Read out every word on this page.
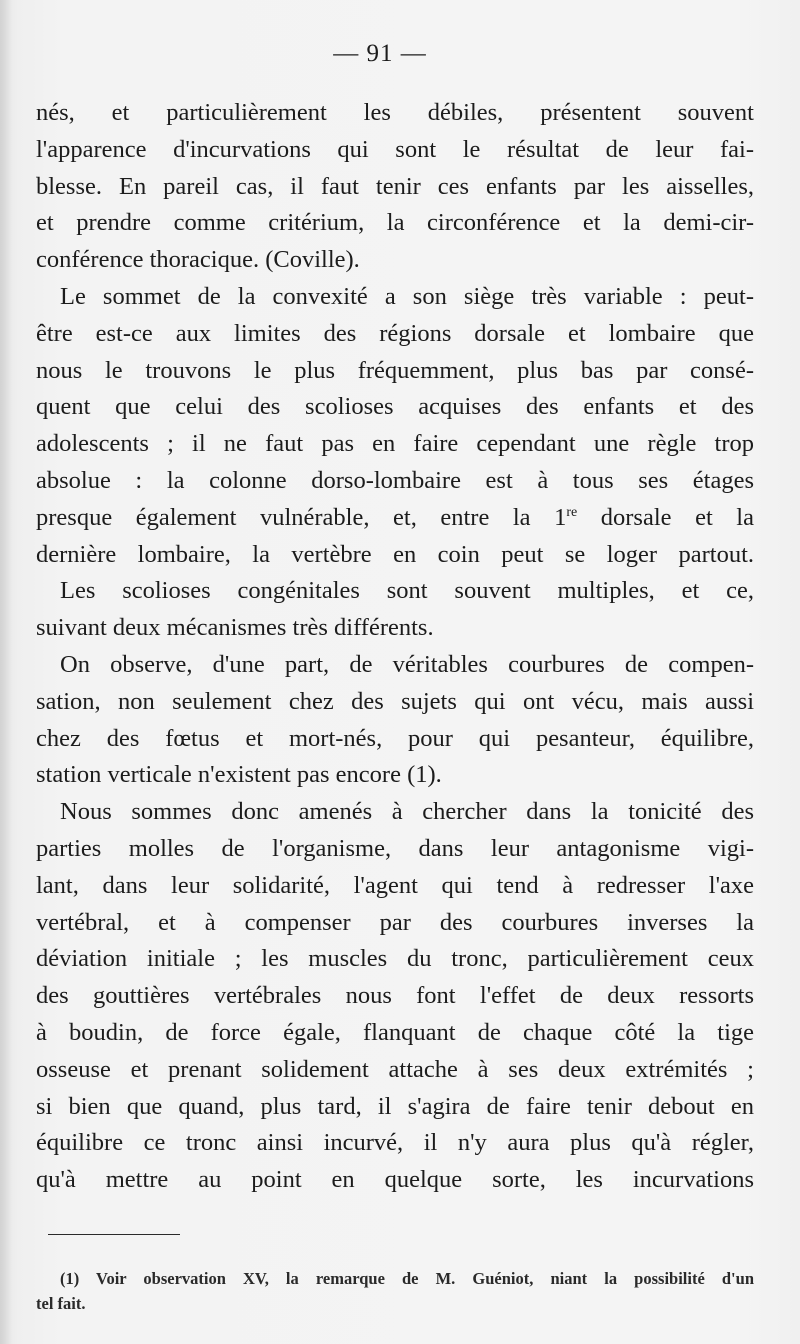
— 91 —
nés, et particulièrement les débiles, présentent souvent
l'apparence d'incurvations qui sont le résultat de leur fai-
blesse. En pareil cas, il faut tenir ces enfants par les aisselles,
et prendre comme critérium, la circonférence et la demi-cir-
conférence thoracique. (Coville).
Le sommet de la convexité a son siège très variable : peut-
être est-ce aux limites des régions dorsale et lombaire que
nous le trouvons le plus fréquemment, plus bas par consé-
quent que celui des scolioses acquises des enfants et des
adolescents ; il ne faut pas en faire cependant une règle trop
absolue : la colonne dorso-lombaire est à tous ses étages
presque également vulnérable, et, entre la 1re dorsale et la
dernière lombaire, la vertèbre en coin peut se loger partout.
Les scolioses congénitales sont souvent multiples, et ce,
suivant deux mécanismes très différents.
On observe, d'une part, de véritables courbures de compen-
sation, non seulement chez des sujets qui ont vécu, mais aussi
chez des fœtus et mort-nés, pour qui pesanteur, équilibre,
station verticale n'existent pas encore (1).
Nous sommes donc amenés à chercher dans la tonicité des
parties molles de l'organisme, dans leur antagonisme vigi-
lant, dans leur solidarité, l'agent qui tend à redresser l'axe
vertébral, et à compenser par des courbures inverses la
déviation initiale ; les muscles du tronc, particulièrement ceux
des gouttières vertébrales nous font l'effet de deux ressorts
à boudin, de force égale, flanquant de chaque côté la tige
osseuse et prenant solidement attache à ses deux extrémités ;
si bien que quand, plus tard, il s'agira de faire tenir debout en
équilibre ce tronc ainsi incurvé, il n'y aura plus qu'à régler,
qu'à mettre au point en quelque sorte, les incurvations
(1) Voir observation XV, la remarque de M. Guéniot, niant la possibilité d'un
tel fait.
